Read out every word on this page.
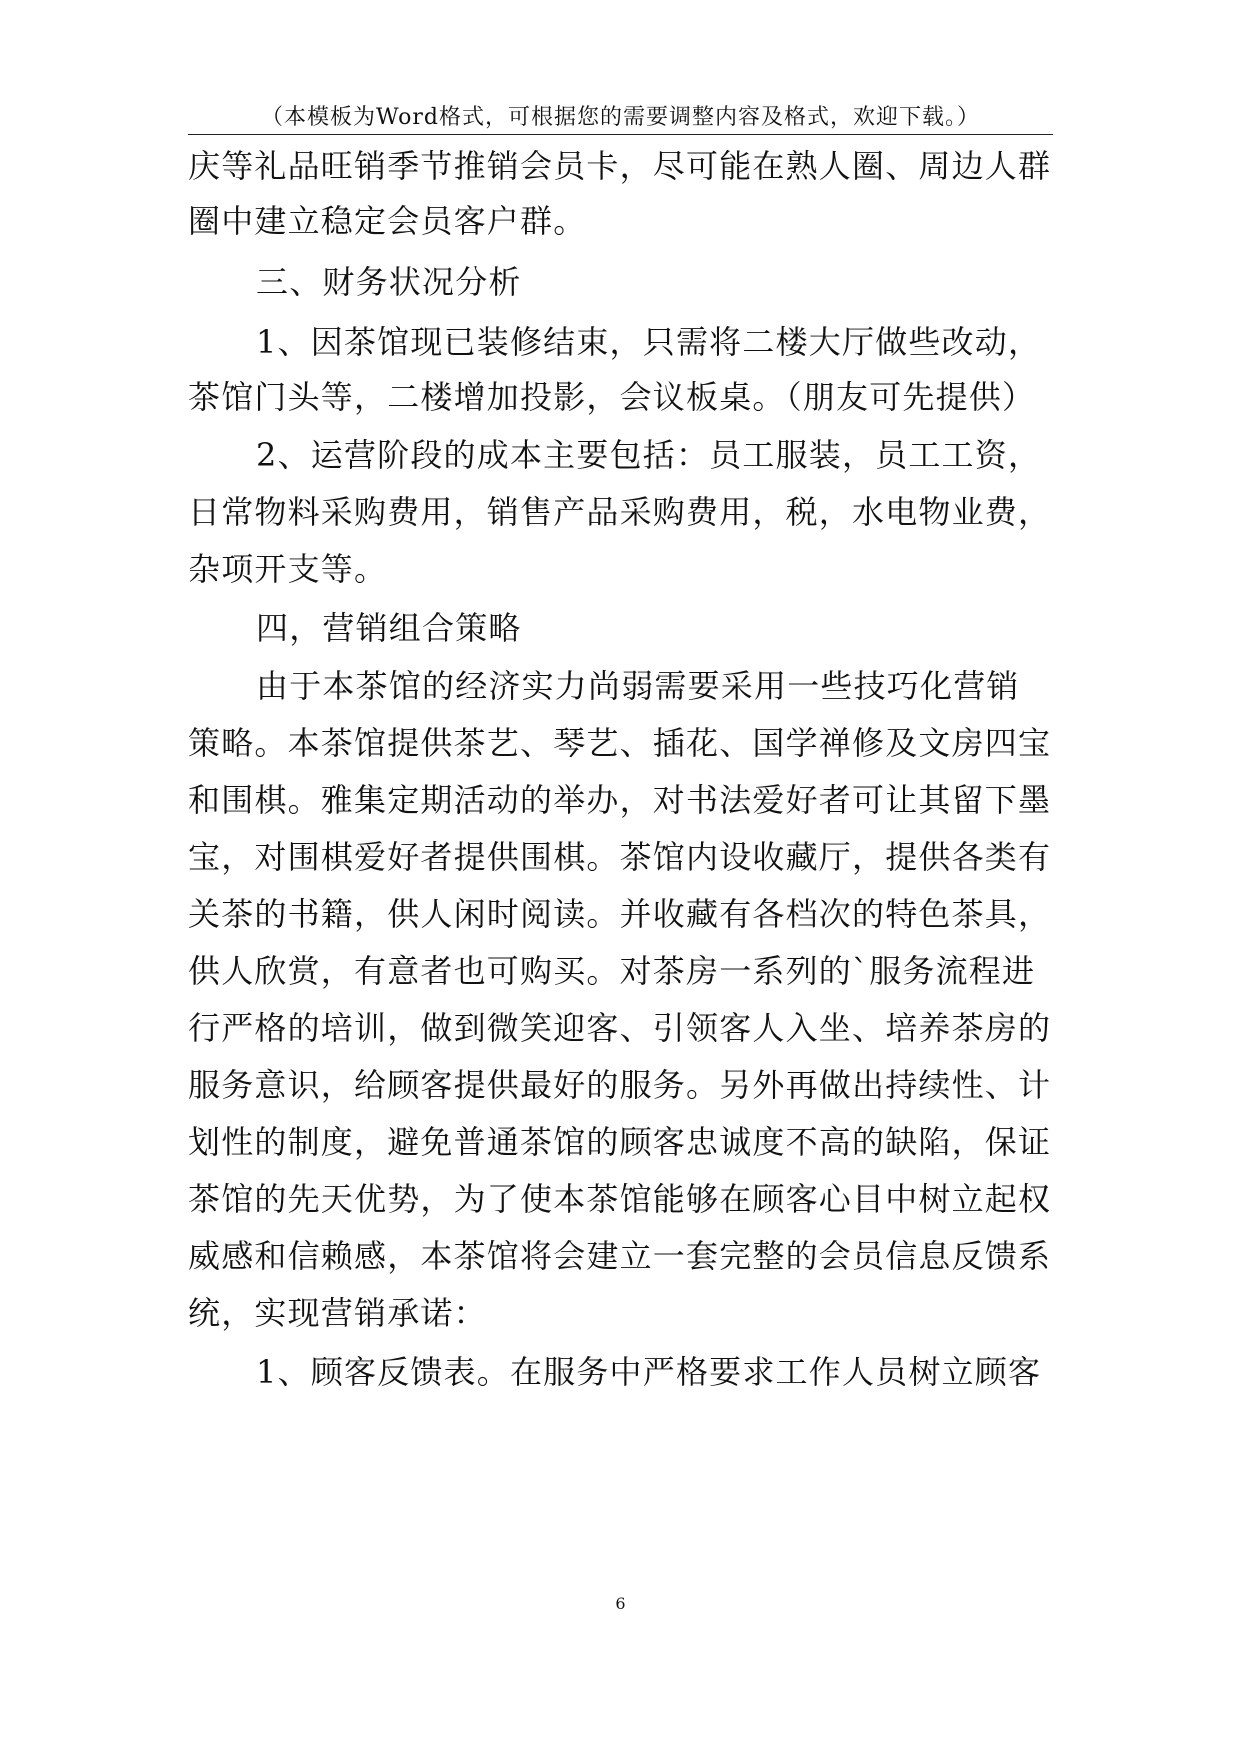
（本模板为Word格式，可根据您的需要调整内容及格式，欢迎下载。）
庆等礼品旺销季节推销会员卡，尽可能在熟人圈、周边人群
圈中建立稳定会员客户群。
三、财务状况分析
1、因茶馆现已装修结束，只需将二楼大厅做些改动，
茶馆门头等，二楼增加投影，会议板桌。（朋友可先提供）
2、运营阶段的成本主要包括：员工服装，员工工资，
日常物料采购费用，销售产品采购费用，税，水电物业费，
杂项开支等。
四，营销组合策略
由于本茶馆的经济实力尚弱需要采用一些技巧化营销
策略。本茶馆提供茶艺、琴艺、插花、国学禅修及文房四宝
和围棋。雅集定期活动的举办，对书法爱好者可让其留下墨
宝，对围棋爱好者提供围棋。茶馆内设收藏厅，提供各类有
关茶的书籍，供人闲时阅读。并收藏有各档次的特色茶具，
供人欣赏，有意者也可购买。对茶房一系列的`服务流程进
行严格的培训，做到微笑迎客、引领客人入坐、培养茶房的
服务意识，给顾客提供最好的服务。另外再做出持续性、计
划性的制度，避免普通茶馆的顾客忠诚度不高的缺陷，保证
茶馆的先天优势，为了使本茶馆能够在顾客心目中树立起权
威感和信赖感，本茶馆将会建立一套完整的会员信息反馈系
统，实现营销承诺：
1、顾客反馈表。在服务中严格要求工作人员树立顾客
6
